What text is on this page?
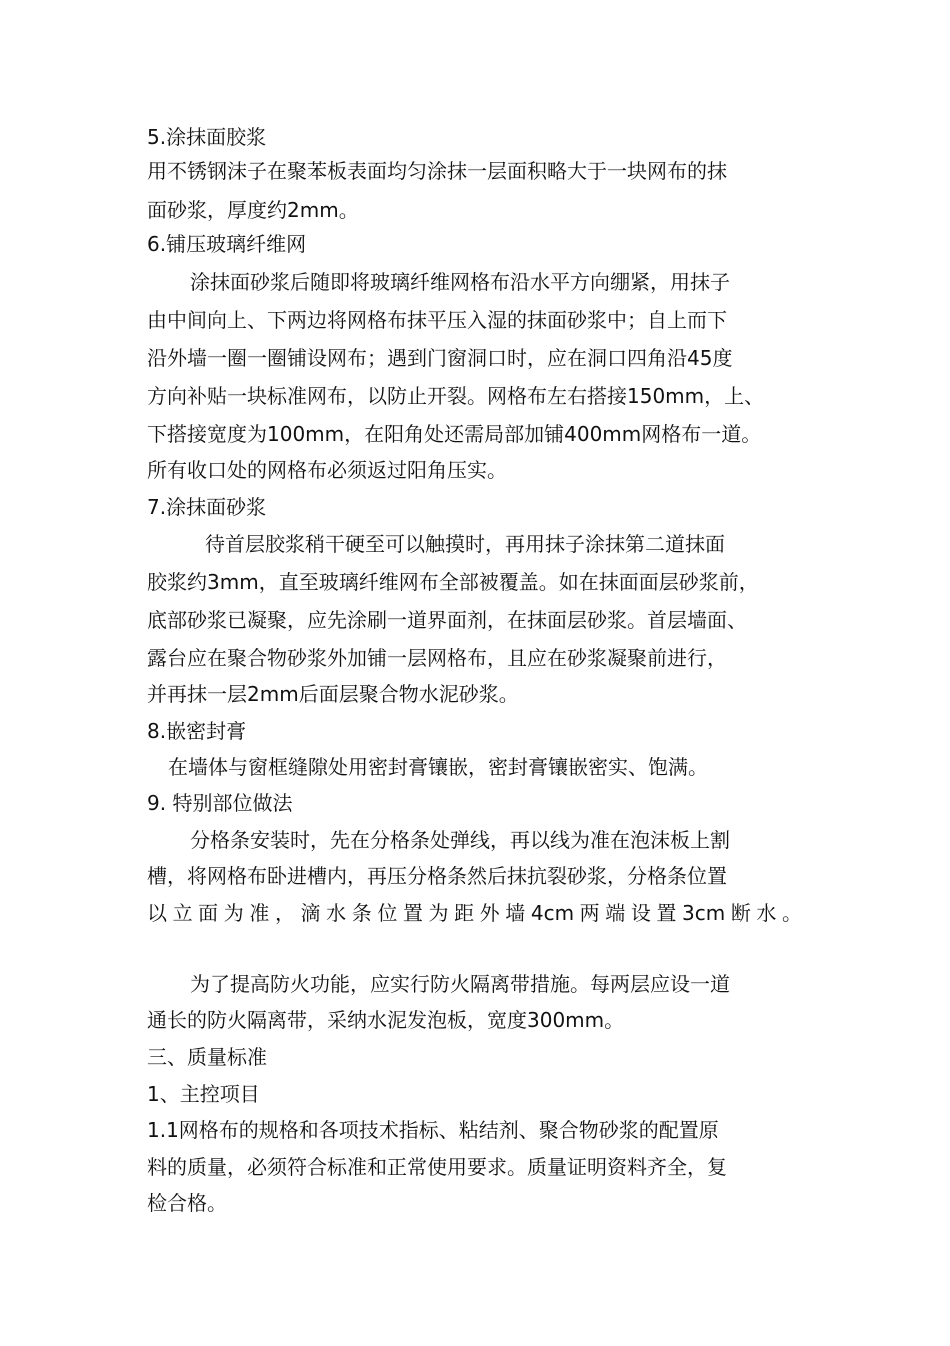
5.涂抹面胶浆
用不锈钢沫子在聚苯板表面均匀涂抹一层面积略大于一块网布的抹
面砂浆，厚度约2mm。
6.铺压玻璃纤维网
涂抹面砂浆后随即将玻璃纤维网格布沿水平方向绷紧，用抹子
由中间向上、下两边将网格布抹平压入湿的抹面砂浆中；自上而下
沿外墙一圈一圈铺设网布；遇到门窗洞口时，应在洞口四角沿45度
方向补贴一块标准网布，以防止开裂。网格布左右搭接150mm，上、
下搭接宽度为100mm，在阳角处还需局部加铺400mm网格布一道。
所有收口处的网格布必须返过阳角压实。
7.涂抹面砂浆
待首层胶浆稍干硬至可以触摸时，再用抹子涂抹第二道抹面
胶浆约3mm，直至玻璃纤维网布全部被覆盖。如在抹面面层砂浆前，
底部砂浆已凝聚，应先涂刷一道界面剂，在抹面层砂浆。首层墙面、
露台应在聚合物砂浆外加铺一层网格布，且应在砂浆凝聚前进行，
并再抹一层2mm后面层聚合物水泥砂浆。
8.嵌密封膏
在墙体与窗框缝隙处用密封膏镶嵌，密封膏镶嵌密实、饱满。
9. 特别部位做法
分格条安装时，先在分格条处弹线，再以线为准在泡沫板上割
槽，将网格布卧进槽内，再压分格条然后抹抗裂砂浆，分格条位置
以立面为准，滴水条位置为距外墙4cm两端设置3cm断水。
为了提高防火功能，应实行防火隔离带措施。每两层应设一道
通长的防火隔离带，采纳水泥发泡板，宽度300mm。
三、质量标准
1、主控项目
1.1网格布的规格和各项技术指标、粘结剂、聚合物砂浆的配置原
料的质量，必须符合标准和正常使用要求。质量证明资料齐全，复
检合格。
